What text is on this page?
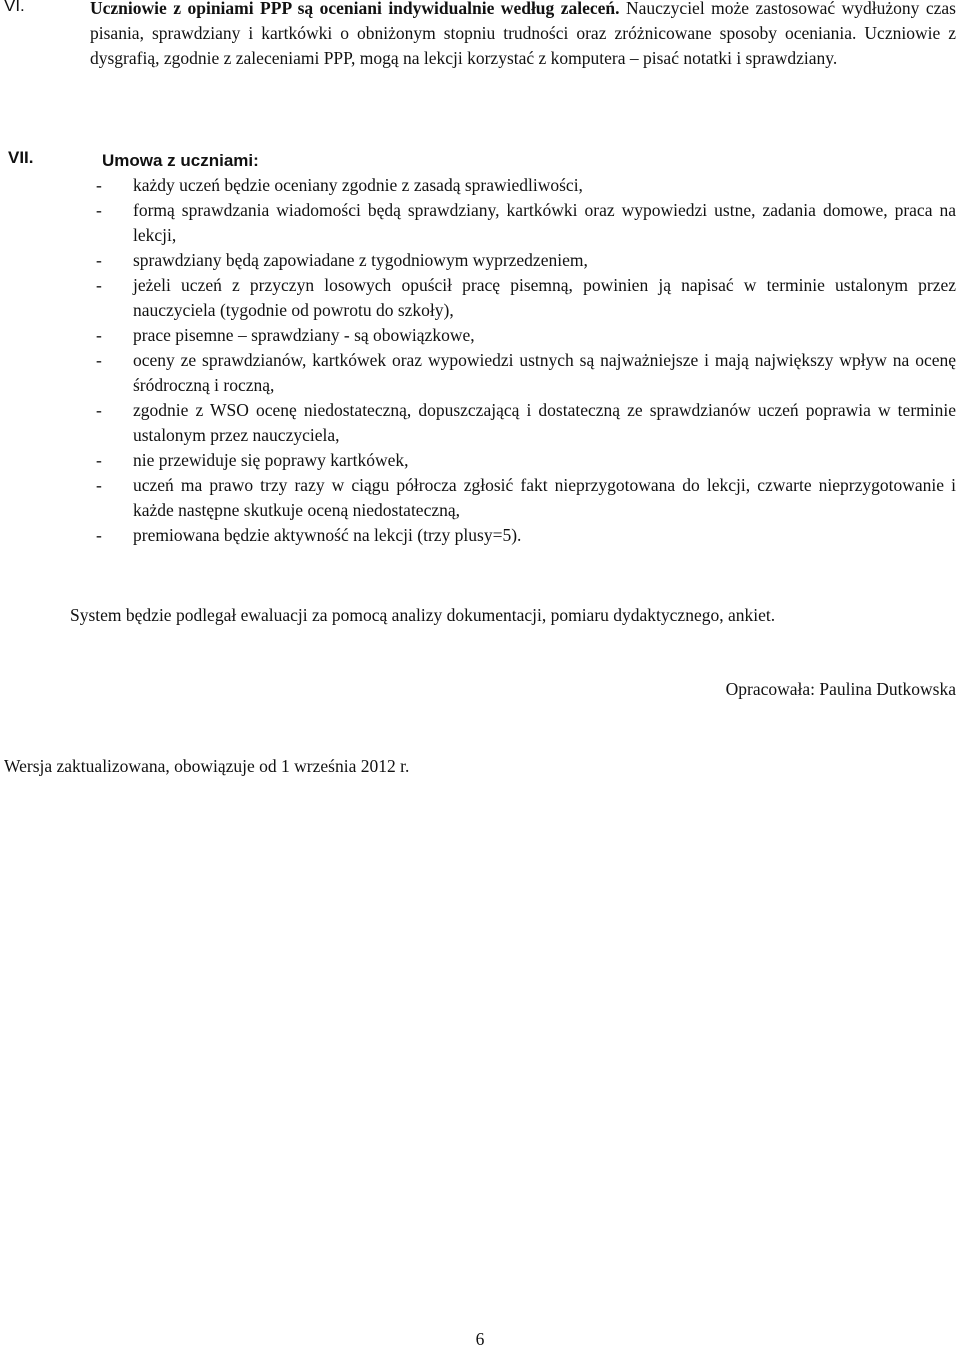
VI.	Uczniowie z opiniami PPP są oceniani indywidualnie według zaleceń. Nauczyciel może zastosować wydłużony czas pisania, sprawdziany i kartkówki o obniżonym stopniu trudności oraz zróżnicowane sposoby oceniania. Uczniowie z dysgrafią, zgodnie z zaleceniami PPP, mogą na lekcji korzystać z komputera – pisać notatki i sprawdziany.
VII.	Umowa z uczniami:
- każdy uczeń będzie oceniany zgodnie z zasadą sprawiedliwości,
- formą sprawdzania wiadomości będą sprawdziany, kartkówki oraz wypowiedzi ustne, zadania domowe, praca na lekcji,
- sprawdziany będą zapowiadane z tygodniowym wyprzedzeniem,
- jeżeli uczeń z przyczyn losowych opuścił pracę pisemną, powinien ją napisać w terminie ustalonym przez nauczyciela (tygodnie od powrotu do szkoły),
- prace pisemne – sprawdziany - są obowiązkowe,
- oceny ze sprawdzianów, kartkówek oraz wypowiedzi ustnych są najważniejsze i mają największy wpływ na ocenę śródroczną i roczną,
- zgodnie z WSO ocenę niedostateczną, dopuszczającą i dostateczną ze sprawdzianów uczeń poprawia w terminie ustalonym przez nauczyciela,
- nie przewiduje się poprawy kartkówek,
- uczeń ma prawo trzy razy w ciągu półrocza zgłosić fakt nieprzygotowana do lekcji, czwarte nieprzygotowanie i każde następne skutkuje oceną niedostateczną,
- premiowana będzie aktywność na lekcji (trzy plusy=5).
System będzie podlegał ewaluacji za pomocą analizy dokumentacji, pomiaru dydaktycznego, ankiet.
Opracowała: Paulina Dutkowska
Wersja zaktualizowana, obowiązuje od 1 września 2012 r.
6
